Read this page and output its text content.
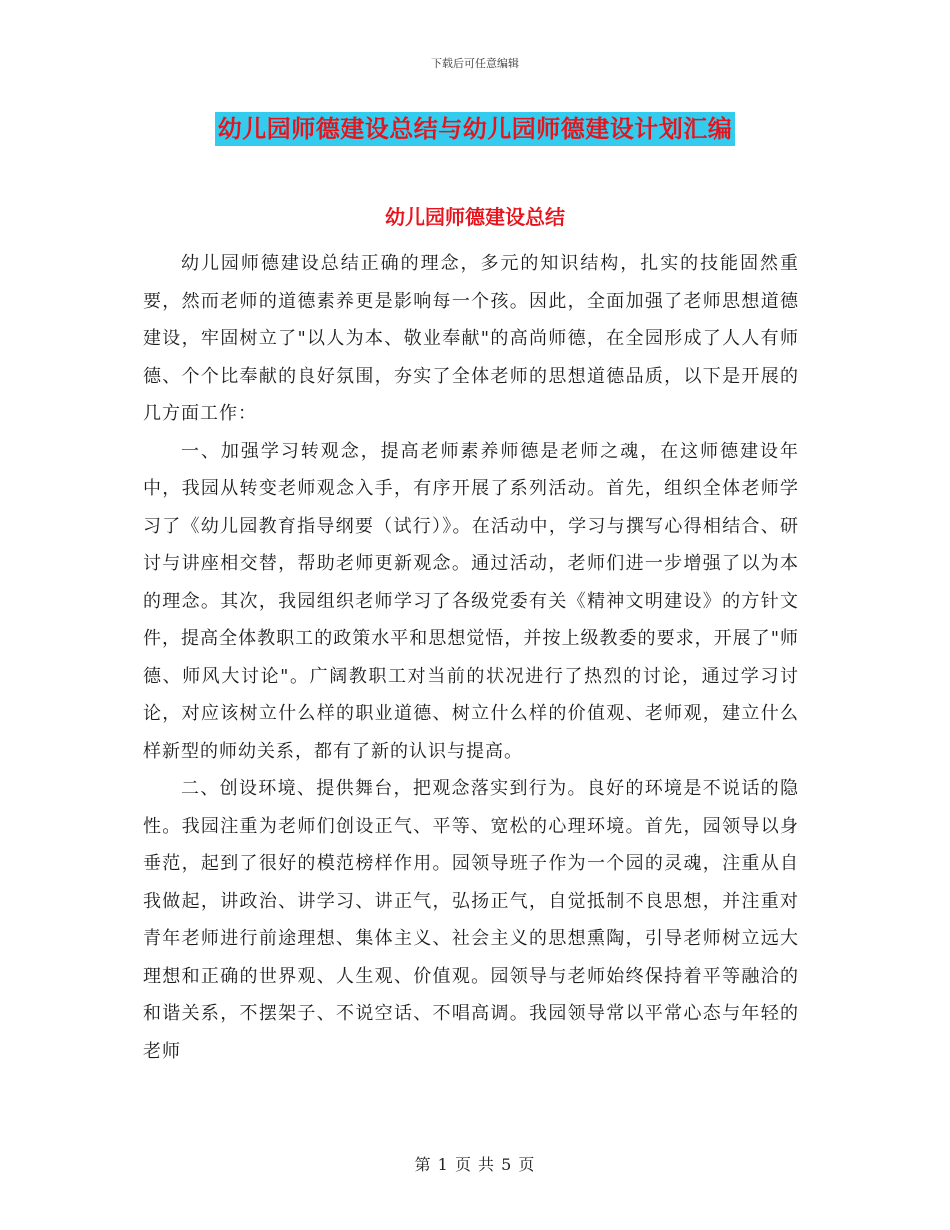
下载后可任意编辑
幼儿园师德建设总结与幼儿园师德建设计划汇编
幼儿园师德建设总结

幼儿园师德建设总结正确的理念，多元的知识结构，扎实的技能固然重要，然而老师的道德素养更是影响每一个孩。因此，全面加强了老师思想道德建设，牢固树立了"以人为本、敬业奉献"的高尚师德，在全园形成了人人有师德、个个比奉献的良好氛围，夯实了全体老师的思想道德品质，以下是开展的几方面工作：

一、加强学习转观念，提高老师素养师德是老师之魂，在这师德建设年中，我园从转变老师观念入手，有序开展了系列活动。首先，组织全体老师学习了《幼儿园教育指导纲要（试行）》。在活动中，学习与撰写心得相结合、研讨与讲座相交替，帮助老师更新观念。通过活动，老师们进一步增强了以为本的理念。其次，我园组织老师学习了各级党委有关《精神文明建设》的方针文件，提高全体教职工的政策水平和思想觉悟，并按上级教委的要求，开展了"师德、师风大讨论"。广阔教职工对当前的状况进行了热烈的讨论，通过学习讨论，对应该树立什么样的职业道德、树立什么样的价值观、老师观，建立什么样新型的师幼关系，都有了新的认识与提高。

二、创设环境、提供舞台，把观念落实到行为。良好的环境是不说话的隐性。我园注重为老师们创设正气、平等、宽松的心理环境。首先，园领导以身垂范，起到了很好的模范榜样作用。园领导班子作为一个园的灵魂，注重从自我做起，讲政治、讲学习、讲正气，弘扬正气，自觉抵制不良思想，并注重对青年老师进行前途理想、集体主义、社会主义的思想熏陶，引导老师树立远大理想和正确的世界观、人生观、价值观。园领导与老师始终保持着平等融洽的和谐关系，不摆架子、不说空话、不唱高调。我园领导常以平常心态与年轻的老师

第 1 页 共 5 页
